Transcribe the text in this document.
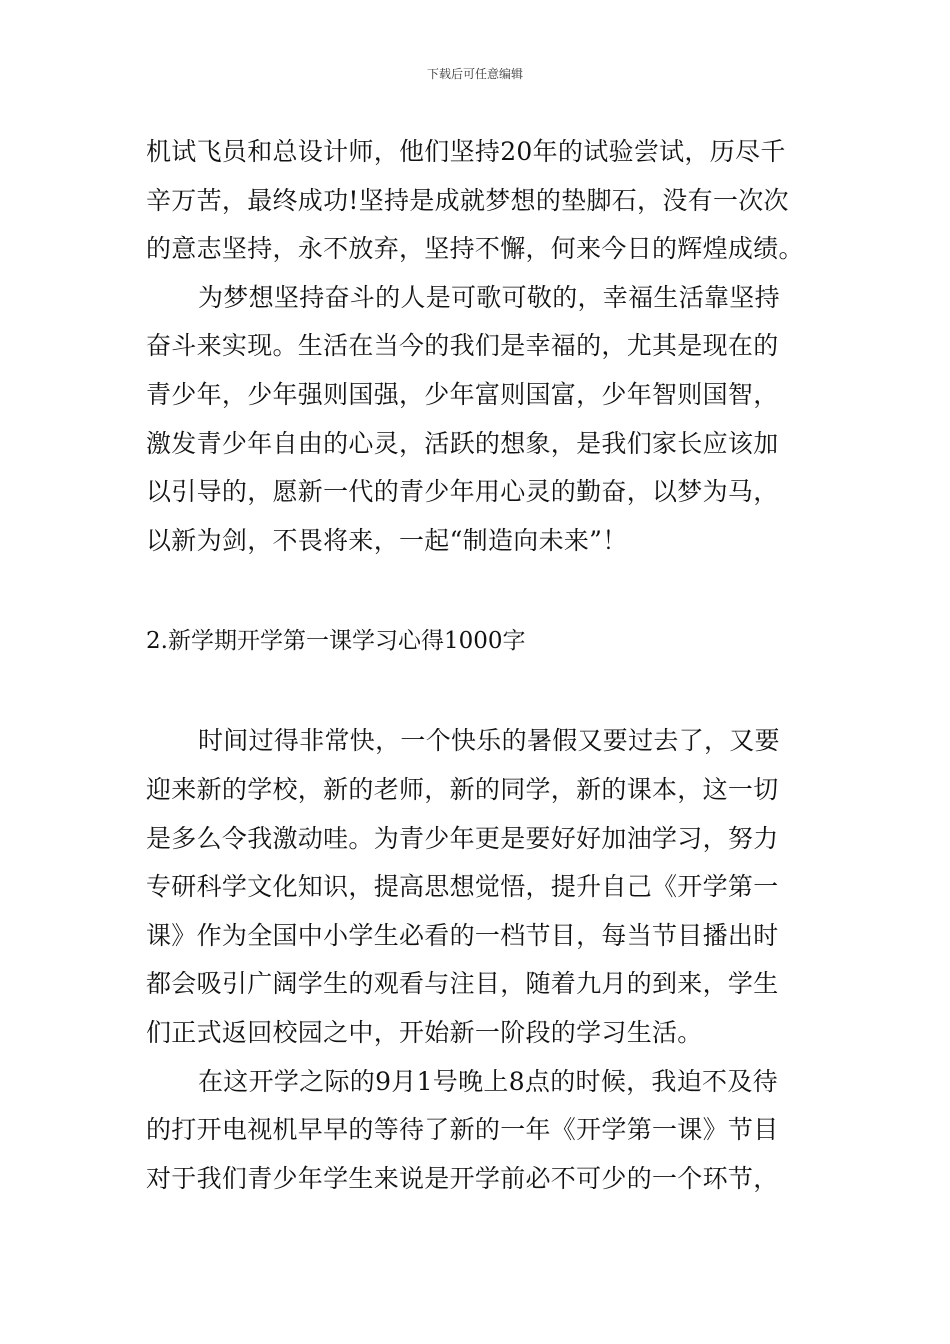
下载后可任意编辑
机试飞员和总设计师，他们坚持20年的试验尝试，历尽千
辛万苦，最终成功!坚持是成就梦想的垫脚石，没有一次次
的意志坚持，永不放弃，坚持不懈，何来今日的辉煌成绩。
为梦想坚持奋斗的人是可歌可敬的，幸福生活靠坚持
奋斗来实现。生活在当今的我们是幸福的，尤其是现在的
青少年，少年强则国强，少年富则国富，少年智则国智，
激发青少年自由的心灵，活跃的想象，是我们家长应该加
以引导的，愿新一代的青少年用心灵的勤奋，以梦为马，
以新为剑，不畏将来，一起“制造向未来”！
2.新学期开学第一课学习心得1000字
时间过得非常快，一个快乐的暑假又要过去了，又要
迎来新的学校，新的老师，新的同学，新的课本，这一切
是多么令我激动哇。为青少年更是要好好加油学习，努力
专研科学文化知识，提高思想觉悟，提升自己《开学第一
课》作为全国中小学生必看的一档节目，每当节目播出时
都会吸引广阔学生的观看与注目，随着九月的到来，学生
们正式返回校园之中，开始新一阶段的学习生活。
在这开学之际的9月1号晚上8点的时候，我迫不及待
的打开电视机早早的等待了新的一年《开学第一课》节目
对于我们青少年学生来说是开学前必不可少的一个环节，
